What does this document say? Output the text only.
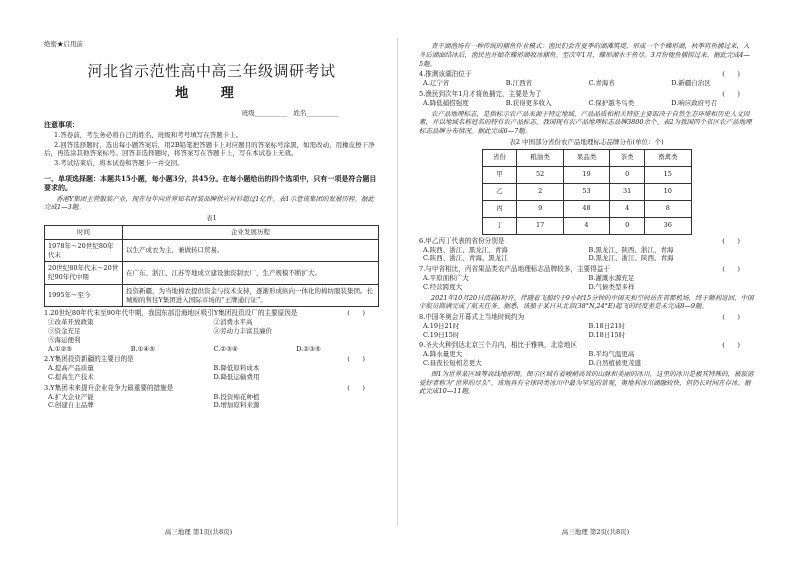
绝密★启用前
河北省示范性高中高三年级调研考试
地 理
班级__________   姓名__________
注意事项：

1.答卷前，考生务必将自己的姓名、班级和考号填写在答题卡上。

2.回答选择题时，选出每小题答案后，用2B铅笔把答题卡上对应题目的答案标号涂黑，如需改动，用橡皮擦干净后，再选涂其他答案标号。回答非选择题时，将答案写在答题卡上，写在本试卷上无效。

3.考试结束后，将本试卷和答题卡一并交回。

一、单项选择题：本题共15小题，每小题3分，共45分。在每小题给出的四个选项中，只有一项是符合题目要求的。
香港Y集团主营服装产业，现在每年向世界知名时装品牌供应衬衫超过1亿件。表1示意该集团的发展历程。据此完成1—3题。
表1
时间	企业发展历程
1978年～20世纪80年代末	以生产成衣为主，兼做转口贸易。
20世纪80年代末～20世纪90年代中期	在广东、浙江、江苏等地成立建设独资制衣厂，生产规模不断扩大。
1995年～至今	投资新疆，为当地棉农提供资金与技术支持，逐渐形成纵向一体化的棉纺服装集团。长城棉的售往Y集团进入国际市场的“王牌通行证”。
1.20世纪80年代末至90年代中期，我国东部沿海地区吸引Y集团投资设厂的主要原因是	(      )
①改革开放政策	②消费水平高
③资金充足	④劳动力丰富且廉价
⑤海运便利
A.①②⑤	B.①④⑤	C.②③④	D.②③⑤
2.Y集团投资新疆的主要目的是	(      )
A.提高产品质量	B.降低原料成本
C.提高生产技术	D.降低运输费用
3.Y集团未来提升企业竞争力最重要的措施是	(      )
A.扩大企业产能	B.投资棉花种植
C.创建自主品牌	D.增加原料来源
高三地理 第1页(共8页)
查干湖渔场有一种传统的捕鱼作业模式：渔民们会在夏季的湖滩筑堤，形成一个个蝶形湖，秋季将鱼捕过来，入冬后湖面结冰后，渔民也开始在蝶形湖收冰捕鱼。至次年1月，蝶形湖水干鱼尽。3月份便鱼捕捞过来。据此完成4—5题。
4.推测该湖泊位于	(      )
A.辽宁省	B.江西省	C.青海省	D.新疆自治区
5.渔民到次年1月才将鱼捕完，主要是为了	(      )
A.降低捕捞强度	B.获得更多收入	C.保护越冬鸟类	D.响应政府号召
农产品地理标志，是指标示农产品来源于特定地域，产品品质和相关特征主要取决于自然生态环境和历史人文因素，并以地域名称冠名的特有农产品标志。我国现有农产品地理标志品牌3800余个。表2为我国四个省区农产品地理标志品牌分布情况。据此完成6—7题。
表2 中国部分省份农产品地理标志品牌分布(单位：个)
省份	粮油类	果品类	茶类	畜禽类
甲	52	19	0	15
乙	2	53	31	10
丙	9	48	4	8
丁	17	4	0	36
6.甲乙丙丁代表的省份分别是	(      )
A.陕西、浙江、黑龙江、青海	B.黑龙江、陕西、浙江、青海
C.陕西、浙江、青海、黑龙江	D.黑龙江、浙江、陕西、青海
7.与甲省相比，丙省果品类农产品地理标志品牌较多，主要得益于	(      )
A.平原面积广大	B.灌溉水源充足
C.经营跨度大	D.气候类型多样
2021年10月20日清晨6时许，伴随着飞船约于9小时15分钟的中国天和空间站在首都机场，终于顺利返回，中国宇航员圆满完成了航天任务。据悉，该船于某日从北京(38°N,24°E)起飞的经度差是未完成8—9题。
8.中国冬奥会开幕式上当地时间约为	(      )
A.19日21时	B.18日21时
C.19日15时	D.18日15时
9.圣火火种到达北京三个月内，相比于雅典，北京地区	(      )
A.降水量更大	B.平均气温更高
C.昼夜长短相差更大	D.自然植被更茂盛
图1为世界某区域等高线地形图。图示区域有着峻峭高耸的山脉和美丽的冰川，这里的冰川是极其特殊的，被旅游爱好者称为“世界的尽头”。该地具有全球同类冰川中最为罕见的景观，奥地利冰川湖融较快，但仍长时间在存冰。据此完成10—11题。
高三地理 第2页(共8页)
